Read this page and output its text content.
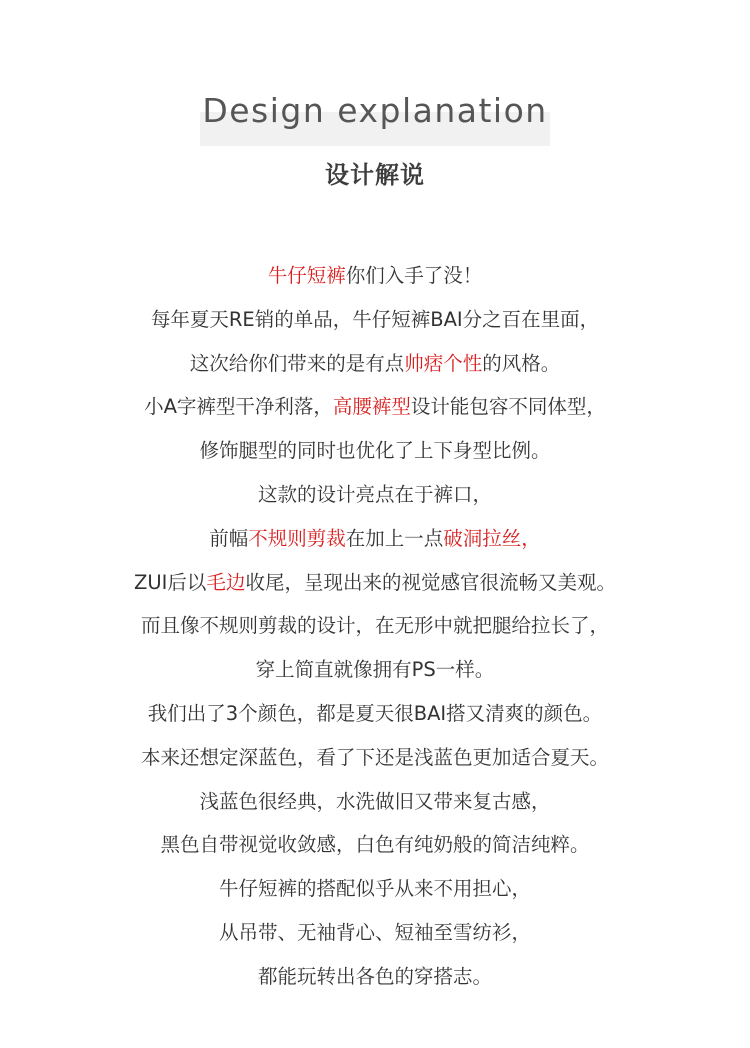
Design explanation
设计解说
牛仔短裤你们入手了没！
每年夏天RE销的单品，牛仔短裤BAI分之百在里面，
这次给你们带来的是有点帅痞个性的风格。
小A字裤型干净利落，高腰裤型设计能包容不同体型，
修饰腿型的同时也优化了上下身型比例。
这款的设计亮点在于裤口，
前幅不规则剪裁在加上一点破洞拉丝，
ZUI后以毛边收尾，呈现出来的视觉感官很流畅又美观。
而且像不规则剪裁的设计，在无形中就把腿给拉长了，
穿上简直就像拥有PS一样。
我们出了3个颜色，都是夏天很BAI搭又清爽的颜色。
本来还想定深蓝色，看了下还是浅蓝色更加适合夏天。
浅蓝色很经典，水洗做旧又带来复古感，
黑色自带视觉收敛感，白色有纯奶般的简洁纯粹。
牛仔短裤的搭配似乎从来不用担心，
从吊带、无袖背心、短袖至雪纺衫，
都能玩转出各色的穿搭志。
